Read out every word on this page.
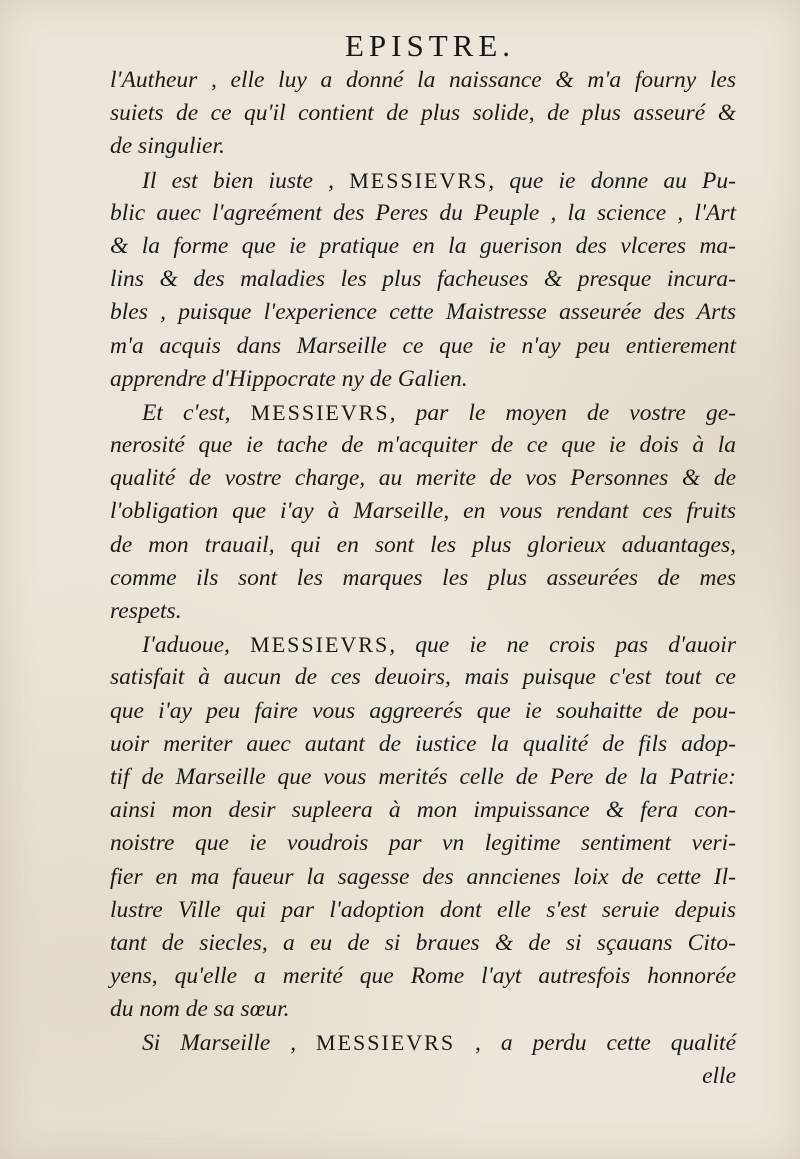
EPISTRE.
l'Autheur , elle luy a donné la naissance & m'a fourny les
suiets de ce qu'il contient de plus solide, de plus asseuré &
de singulier.
Il est bien iuste , MESSIEVRS, que ie donne au Pu-
blic auec l'agreément des Peres du Peuple , la science , l'Art
& la forme que ie pratique en la guerison des vlceres ma-
lins & des maladies les plus facheuses & presque incura-
bles , puisque l'experience cette Maistresse asseurée des Arts
m'a acquis dans Marseille ce que ie n'ay peu entierement
apprendre d'Hippocrate ny de Galien.
Et c'est, MESSIEVRS, par le moyen de vostre ge-
nerosité que ie tache de m'acquiter de ce que ie dois à la
qualité de vostre charge, au merite de vos Personnes & de
l'obligation que i'ay à Marseille, en vous rendant ces fruits
de mon trauail, qui en sont les plus glorieux aduantages,
comme ils sont les marques les plus asseurées de mes
respets.
I'aduoue, MESSIEVRS, que ie ne crois pas d'auoir
satisfait à aucun de ces deuoirs, mais puisque c'est tout ce
que i'ay peu faire vous aggreerés que ie souhaitte de pou-
uoir meriter auec autant de iustice la qualité de fils adop-
tif de Marseille que vous merités celle de Pere de la Patrie:
ainsi mon desir supleera à mon impuissance & fera con-
noistre que ie voudrois par vn legitime sentiment veri-
fier en ma faueur la sagesse des anncienes loix de cette Il-
lustre Ville qui par l'adoption dont elle s'est seruie depuis
tant de siecles, a eu de si braues & de si sçauans Cito-
yens, qu'elle a merité que Rome l'ayt autresfois honnorée
du nom de sa sœur.
Si Marseille , MESSIEVRS , a perdu cette qualité
elle
